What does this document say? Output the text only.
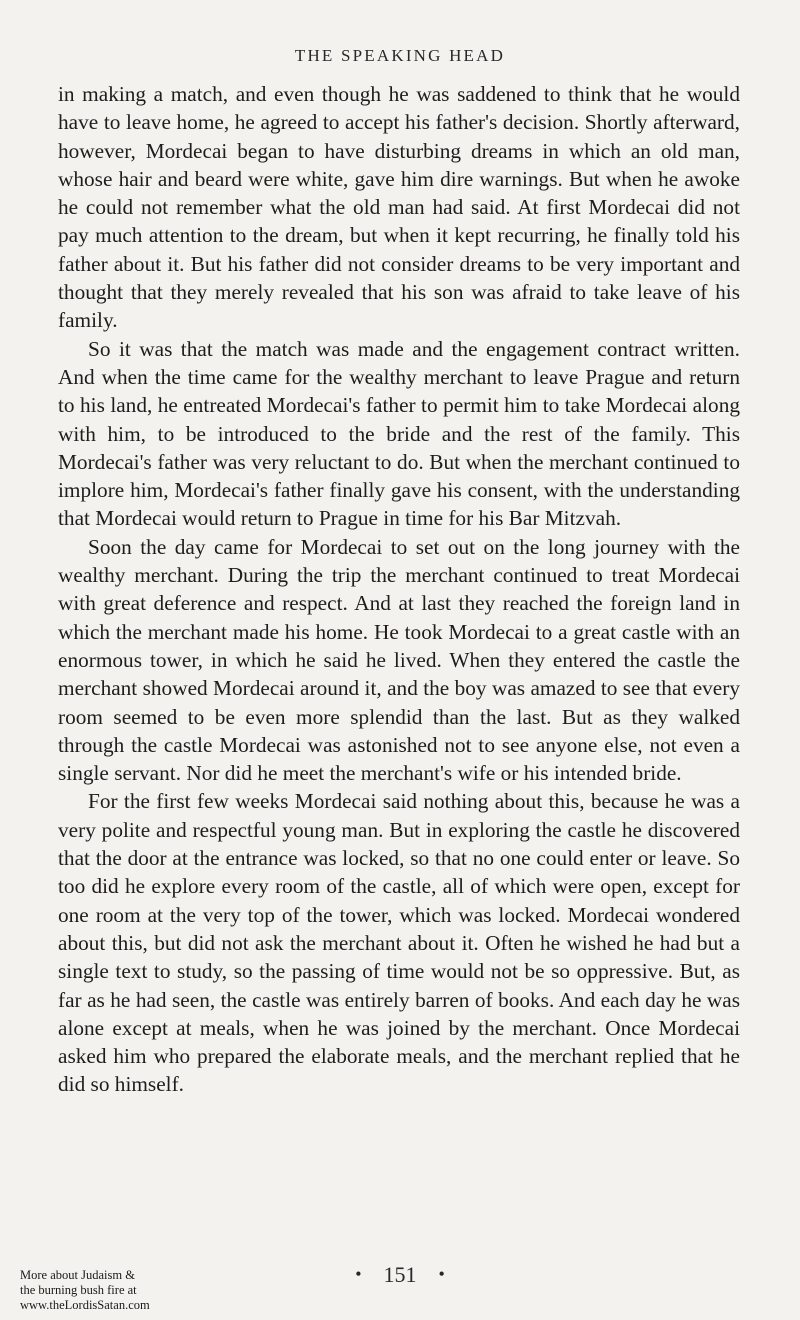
THE SPEAKING HEAD

in making a match, and even though he was saddened to think that he would have to leave home, he agreed to accept his father's decision. Shortly afterward, however, Mordecai began to have disturbing dreams in which an old man, whose hair and beard were white, gave him dire warnings. But when he awoke he could not remember what the old man had said. At first Mordecai did not pay much attention to the dream, but when it kept recurring, he finally told his father about it. But his father did not consider dreams to be very important and thought that they merely revealed that his son was afraid to take leave of his family.

So it was that the match was made and the engagement contract written. And when the time came for the wealthy merchant to leave Prague and return to his land, he entreated Mordecai's father to permit him to take Mordecai along with him, to be introduced to the bride and the rest of the family. This Mordecai's father was very reluctant to do. But when the merchant continued to implore him, Mordecai's father finally gave his consent, with the understanding that Mordecai would return to Prague in time for his Bar Mitzvah.

Soon the day came for Mordecai to set out on the long journey with the wealthy merchant. During the trip the merchant continued to treat Mordecai with great deference and respect. And at last they reached the foreign land in which the merchant made his home. He took Mordecai to a great castle with an enormous tower, in which he said he lived. When they entered the castle the merchant showed Mordecai around it, and the boy was amazed to see that every room seemed to be even more splendid than the last. But as they walked through the castle Mordecai was astonished not to see anyone else, not even a single servant. Nor did he meet the merchant's wife or his intended bride.

For the first few weeks Mordecai said nothing about this, because he was a very polite and respectful young man. But in exploring the castle he discovered that the door at the entrance was locked, so that no one could enter or leave. So too did he explore every room of the castle, all of which were open, except for one room at the very top of the tower, which was locked. Mordecai wondered about this, but did not ask the merchant about it. Often he wished he had but a single text to study, so the passing of time would not be so oppressive. But, as far as he had seen, the castle was entirely barren of books. And each day he was alone except at meals, when he was joined by the merchant. Once Mordecai asked him who prepared the elaborate meals, and the merchant replied that he did so himself.

• 151 •
More about Judaism &
the burning bush fire at
www.theLordisSatan.com
